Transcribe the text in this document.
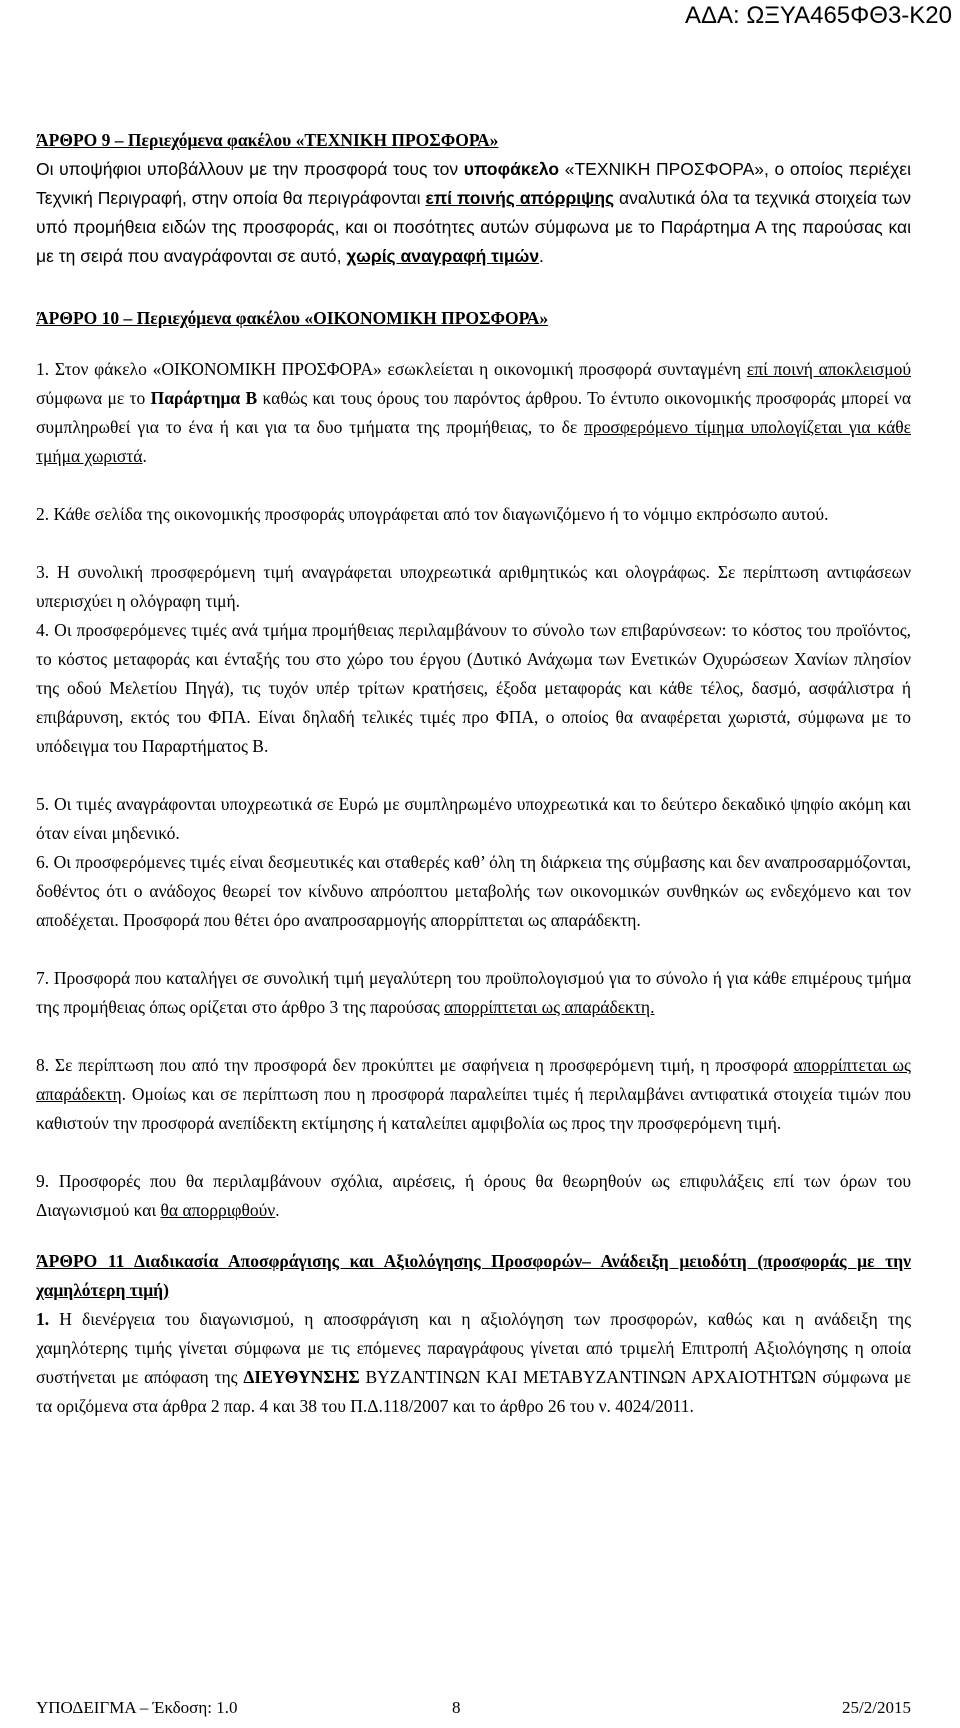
ΑΔΑ: ΩΞΥΑ465ΦΘ3-Κ20
ΆΡΘΡΟ 9 – Περιεχόμενα φακέλου «ΤΕΧΝΙΚΗ ΠΡΟΣΦΟΡΑ»

Οι υποψήφιοι υποβάλλουν με την προσφορά τους τον υποφάκελο «ΤΕΧΝΙΚΗ ΠΡΟΣΦΟΡΑ», ο οποίος περιέχει Τεχνική Περιγραφή, στην οποία θα περιγράφονται επί ποινής απόρριψης αναλυτικά όλα τα τεχνικά στοιχεία των υπό προμήθεια ειδών της προσφοράς, και οι ποσότητες αυτών σύμφωνα με το Παράρτημα Α της παρούσας και με τη σειρά που αναγράφονται σε αυτό, χωρίς αναγραφή τιμών.

ΆΡΘΡΟ 10 – Περιεχόμενα φακέλου «ΟΙΚΟΝΟΜΙΚΗ ΠΡΟΣΦΟΡΑ»

1. Στον φάκελο «ΟΙΚΟΝΟΜΙΚΗ ΠΡΟΣΦΟΡΑ» εσωκλείεται η οικονομική προσφορά συνταγμένη επί ποινή αποκλεισμού σύμφωνα με το Παράρτημα Β καθώς και τους όρους του παρόντος άρθρου. Το έντυπο οικονομικής προσφοράς μπορεί να συμπληρωθεί για το ένα ή και για τα δυο τμήματα της προμήθειας, το δε προσφερόμενο τίμημα υπολογίζεται για κάθε τμήμα χωριστά.

2. Κάθε σελίδα της οικονομικής προσφοράς υπογράφεται από τον διαγωνιζόμενο ή το νόμιμο εκπρόσωπο αυτού.

3. Η συνολική προσφερόμενη τιμή αναγράφεται υποχρεωτικά αριθμητικώς και ολογράφως. Σε περίπτωση αντιφάσεων υπερισχύει η ολόγραφη τιμή.

4. Οι προσφερόμενες τιμές ανά τμήμα προμήθειας περιλαμβάνουν το σύνολο των επιβαρύνσεων: το κόστος του προϊόντος, το κόστος μεταφοράς και ένταξής του στο χώρο του έργου (Δυτικό Ανάχωμα των Ενετικών Οχυρώσεων Χανίων πλησίον της οδού Μελετίου Πηγά), τις τυχόν υπέρ τρίτων κρατήσεις, έξοδα μεταφοράς και κάθε τέλος, δασμό, ασφάλιστρα ή επιβάρυνση, εκτός του ΦΠΑ. Είναι δηλαδή τελικές τιμές προ ΦΠΑ, ο οποίος θα αναφέρεται χωριστά, σύμφωνα με το υπόδειγμα του Παραρτήματος Β.

5. Οι τιμές αναγράφονται υποχρεωτικά σε Ευρώ με συμπληρωμένο υποχρεωτικά και το δεύτερο δεκαδικό ψηφίο ακόμη και όταν είναι μηδενικό.

6. Οι προσφερόμενες τιμές είναι δεσμευτικές και σταθερές καθ’ όλη τη διάρκεια της σύμβασης και δεν αναπροσαρμόζονται, δοθέντος ότι ο ανάδοχος θεωρεί τον κίνδυνο απρόοπτου μεταβολής των οικονομικών συνθηκών ως ενδεχόμενο και τον αποδέχεται. Προσφορά που θέτει όρο αναπροσαρμογής απορρίπτεται ως απαράδεκτη.

7. Προσφορά που καταλήγει σε συνολική τιμή μεγαλύτερη του προϋπολογισμού για το σύνολο ή για κάθε επιμέρους τμήμα της προμήθειας όπως ορίζεται στο άρθρο 3 της παρούσας απορρίπτεται ως απαράδεκτη.

8. Σε περίπτωση που από την προσφορά δεν προκύπτει με σαφήνεια η προσφερόμενη τιμή, η προσφορά απορρίπτεται ως απαράδεκτη. Ομοίως και σε περίπτωση που η προσφορά παραλείπει τιμές ή περιλαμβάνει αντιφατικά στοιχεία τιμών που καθιστούν την προσφορά ανεπίδεκτη εκτίμησης ή καταλείπει αμφιβολία ως προς την προσφερόμενη τιμή.

9. Προσφορές που θα περιλαμβάνουν σχόλια, αιρέσεις, ή όρους θα θεωρηθούν ως επιφυλάξεις επί των όρων του Διαγωνισμού και θα απορριφθούν.

ΆΡΘΡΟ 11 Διαδικασία Αποσφράγισης και Αξιολόγησης Προσφορών– Ανάδειξη μειοδότη (προσφοράς με την χαμηλότερη τιμή)

1. Η διενέργεια του διαγωνισμού, η αποσφράγιση και η αξιολόγηση των προσφορών, καθώς και η ανάδειξη της χαμηλότερης τιμής γίνεται σύμφωνα με τις επόμενες παραγράφους γίνεται από τριμελή Επιτροπή Αξιολόγησης η οποία συστήνεται με απόφαση της ΔΙΕΥΘΥΝΣΗΣ ΒΥΖΑΝΤΙΝΩΝ ΚΑΙ ΜΕΤΑΒΥΖΑΝΤΙΝΩΝ ΑΡΧΑΙΟΤΗΤΩΝ σύμφωνα με τα οριζόμενα στα άρθρα 2 παρ. 4 και 38 του Π.Δ.118/2007 και το άρθρο 26 του ν. 4024/2011.

ΥΠΟΔΕΙΓΜΑ – Έκδοση: 1.0	8	25/2/2015
